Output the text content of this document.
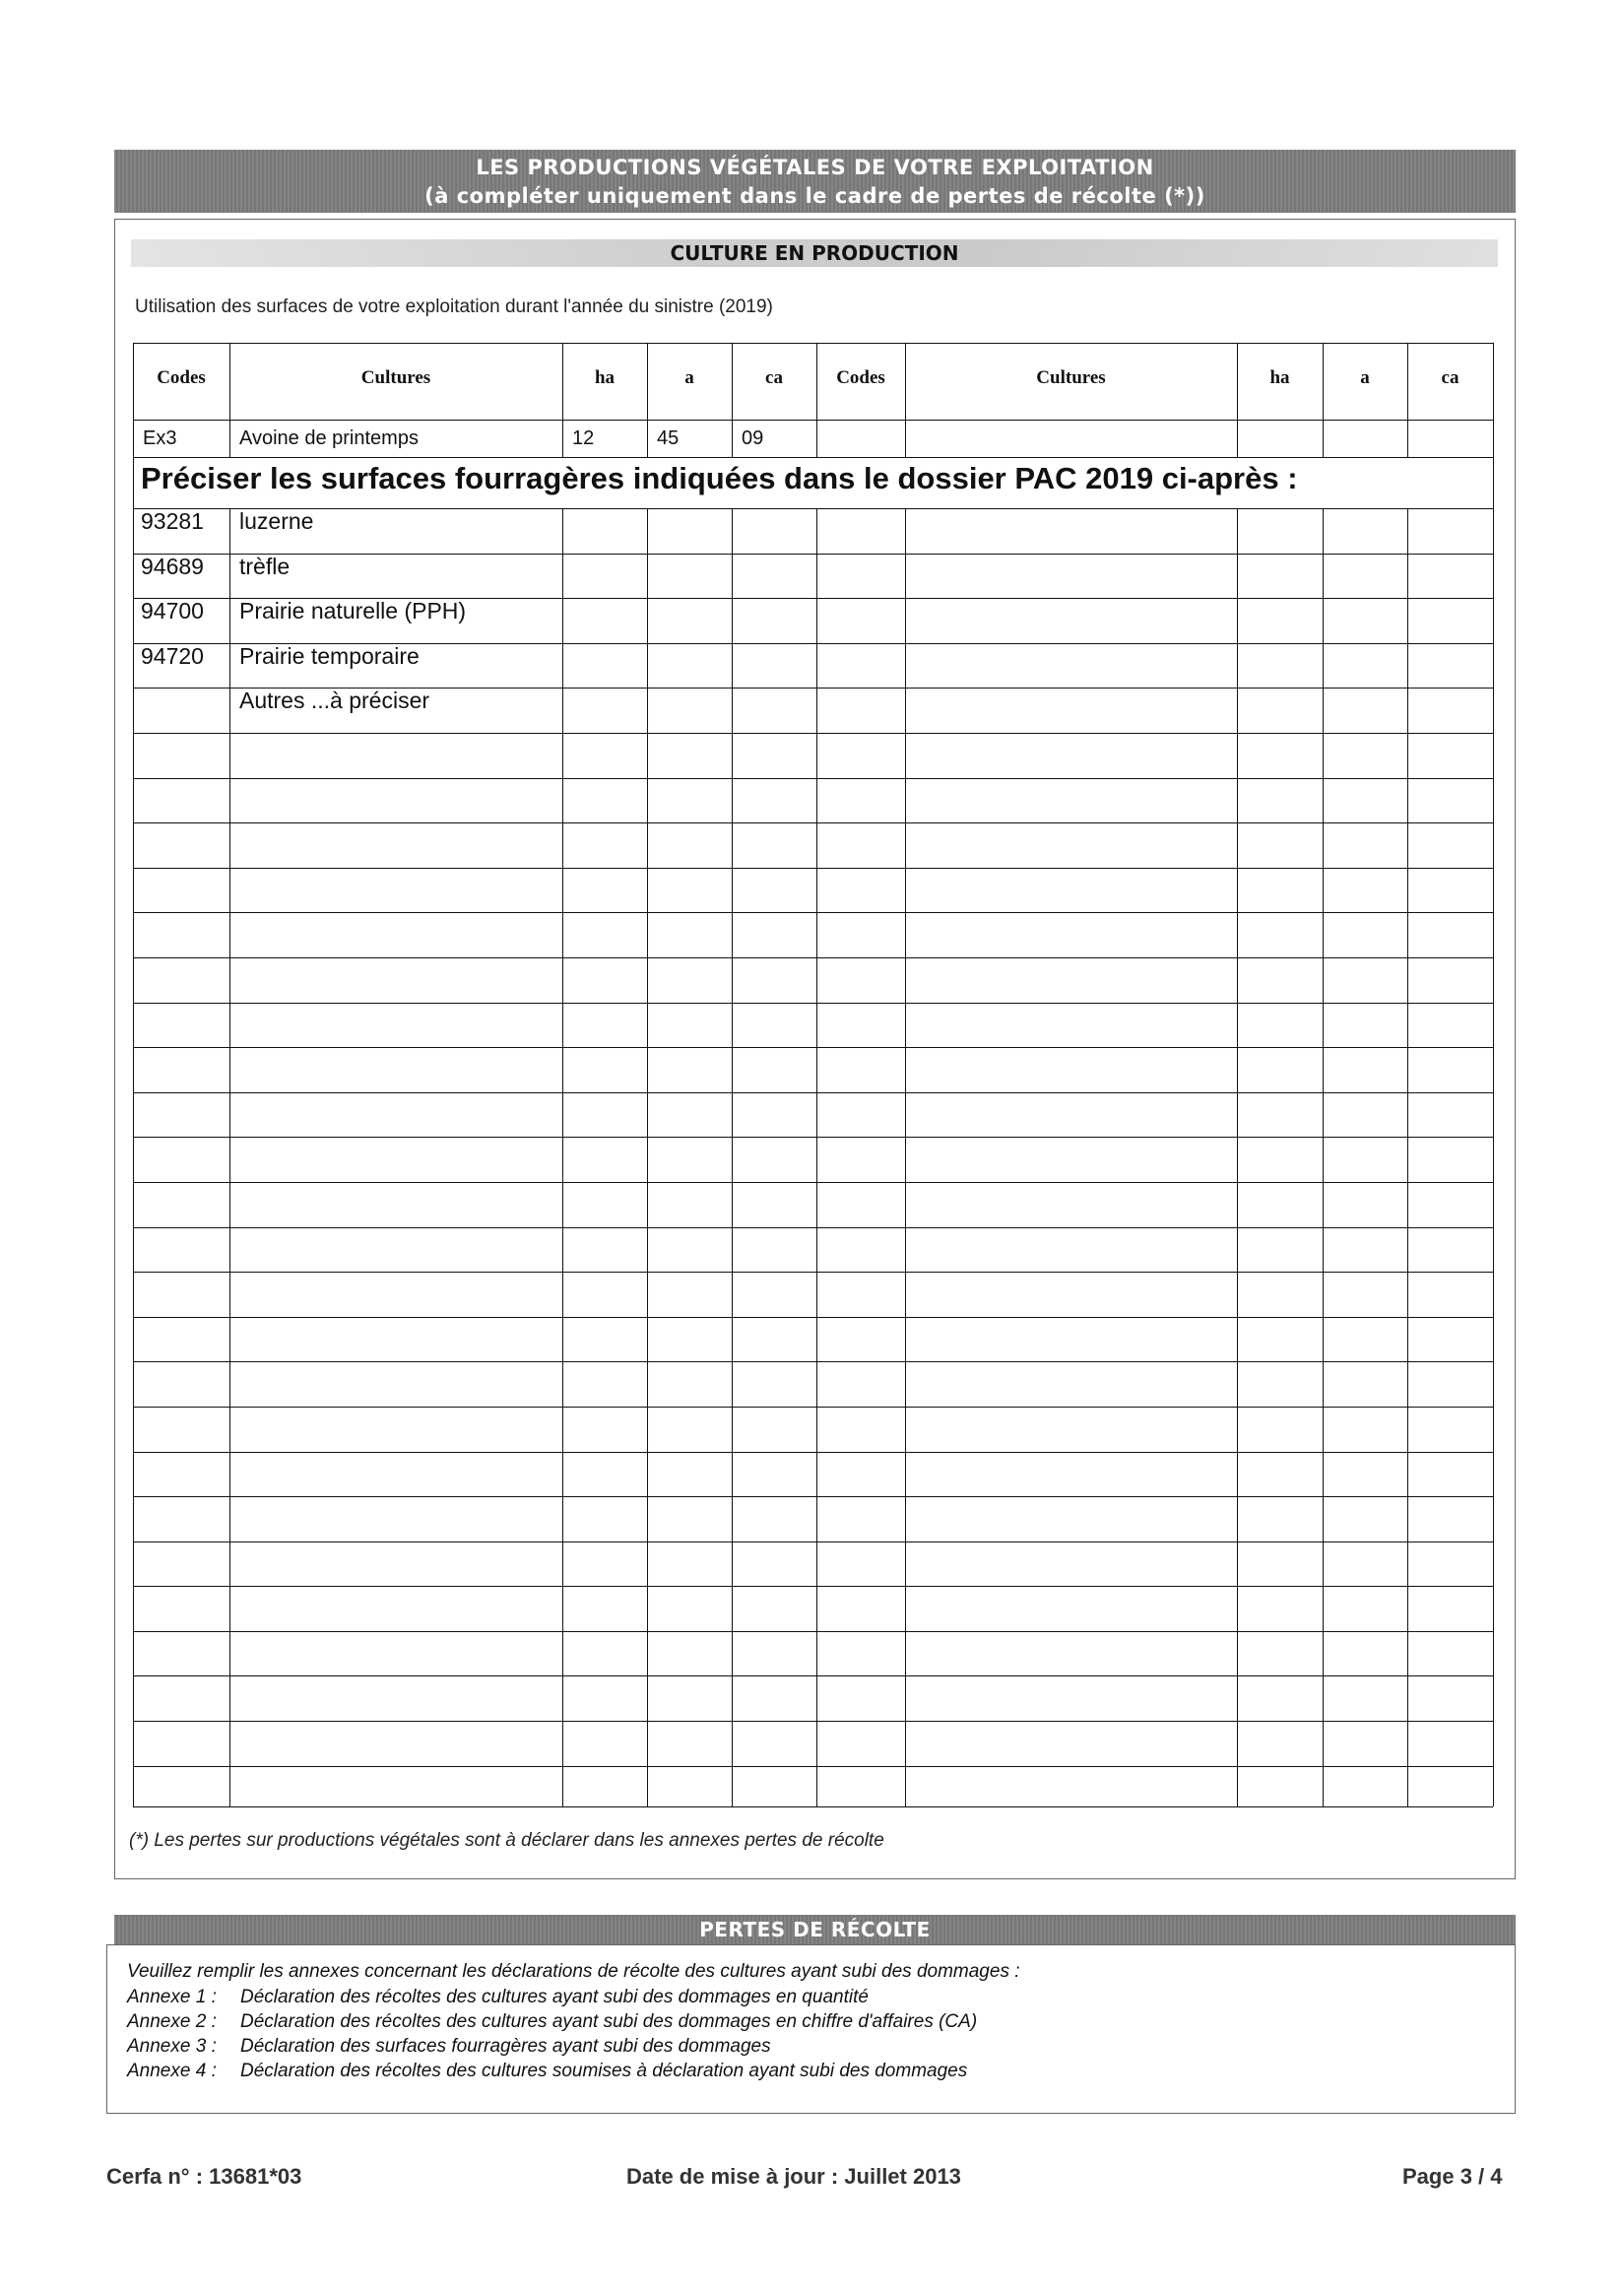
LES PRODUCTIONS VÉGÉTALES DE VOTRE EXPLOITATION
(à compléter uniquement dans le cadre de pertes de récolte (*))
CULTURE EN PRODUCTION
Utilisation des surfaces de votre exploitation durant l'année du sinistre (2019)
(*) Les pertes sur productions végétales sont à déclarer dans les annexes pertes de récolte
Codes	Cultures	ha	a	ca	Codes	Cultures	ha	a	ca
Ex3	Avoine de printemps	12	45	09
Préciser les surfaces fourragères indiquées dans le dossier PAC 2019 ci-après :
93281 luzerne
94689 trèfle
94700 Prairie naturelle (PPH)
94720 Prairie temporaire
Autres ...à préciser
PERTES DE RÉCOLTE
Veuillez remplir les annexes concernant les déclarations de récolte des cultures ayant subi des dommages :
Annexe 1 : Déclaration des récoltes des cultures ayant subi des dommages en quantité
Annexe 2 : Déclaration des récoltes des cultures ayant subi des dommages en chiffre d'affaires (CA)
Annexe 3 : Déclaration des surfaces fourragères ayant subi des dommages
Annexe 4 : Déclaration des récoltes des cultures soumises à déclaration ayant subi des dommages
Cerfa n° : 13681*03	Date de mise à jour : Juillet 2013	Page 3 / 4
